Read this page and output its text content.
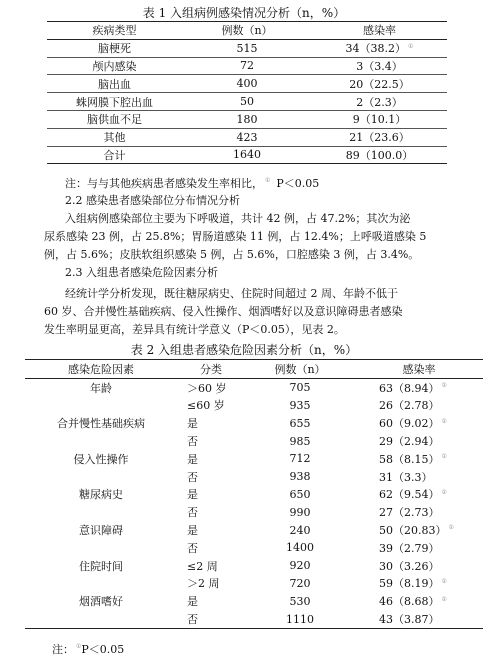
表 1 入组病例感染情况分析（n，%）
疾病类型	例数（n）	感染率
脑梗死	515	34（38.2） ①
颅内感染	72	3（3.4）
脑出血	400	20（22.5）
蛛网膜下腔出血	50	2（2.3）
脑供血不足	180	9（10.1）
其他	423	21（23.6）
合计	1640	89（100.0）
注：与与其他疾病患者感染发生率相比， ① P＜0.05
2.2 感染患者感染部位分布情况分析
入组病例感染部位主要为下呼吸道，共计 42 例，占 47.2%；其次为泌
尿系感染 23 例，占 25.8%；胃肠道感染 11 例，占 12.4%；上呼吸道感染 5
例，占 5.6%；皮肤软组织感染 5 例，占 5.6%，口腔感染 3 例，占 3.4%。
2.3 入组患者感染危险因素分析
经统计学分析发现，既往糖尿病史、住院时间超过 2 周、年龄不低于
60 岁、合并慢性基础疾病、侵入性操作、烟酒嗜好以及意识障碍患者感染
发生率明显更高，差异具有统计学意义（P＜0.05），见表 2。
表 2 入组患者感染危险因素分析（n，%）
感染危险因素	分类	例数（n）	感染率
年龄	＞60 岁	705	63（8.94） ①
	≤60 岁	935	26（2.78）
合并慢性基础疾病	是	655	60（9.02） ①
	否	985	29（2.94）
侵入性操作	是	712	58（8.15） ①
	否	938	31（3.3）
糖尿病史	是	650	62（9.54） ①
	否	990	27（2.73）
意识障碍	是	240	50（20.83） ①
	否	1400	39（2.79）
住院时间	≤2 周	920	30（3.26）
	＞2 周	720	59（8.19） ①
烟酒嗜好	是	530	46（8.68） ①
	否	1110	43（3.87）
注： ①P＜0.05
